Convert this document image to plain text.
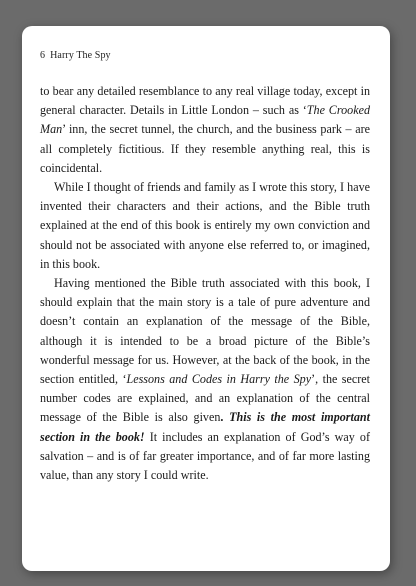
6 Harry The Spy

to bear any detailed resemblance to any real village today, except in general character. Details in Little London – such as ‘The Crooked Man’ inn, the secret tunnel, the church, and the business park – are all completely fictitious. If they resemble anything real, this is coincidental.

While I thought of friends and family as I wrote this story, I have invented their characters and their actions, and the Bible truth explained at the end of this book is entirely my own conviction and should not be associated with anyone else referred to, or imagined, in this book.

Having mentioned the Bible truth associated with this book, I should explain that the main story is a tale of pure adventure and doesn’t contain an explanation of the message of the Bible, although it is intended to be a broad picture of the Bible’s wonderful message for us. However, at the back of the book, in the section entitled, ‘Lessons and Codes in Harry the Spy’, the secret number codes are explained, and an explanation of the central message of the Bible is also given. This is the most important section in the book! It includes an explanation of God’s way of salvation – and is of far greater importance, and of far more lasting value, than any story I could write.
